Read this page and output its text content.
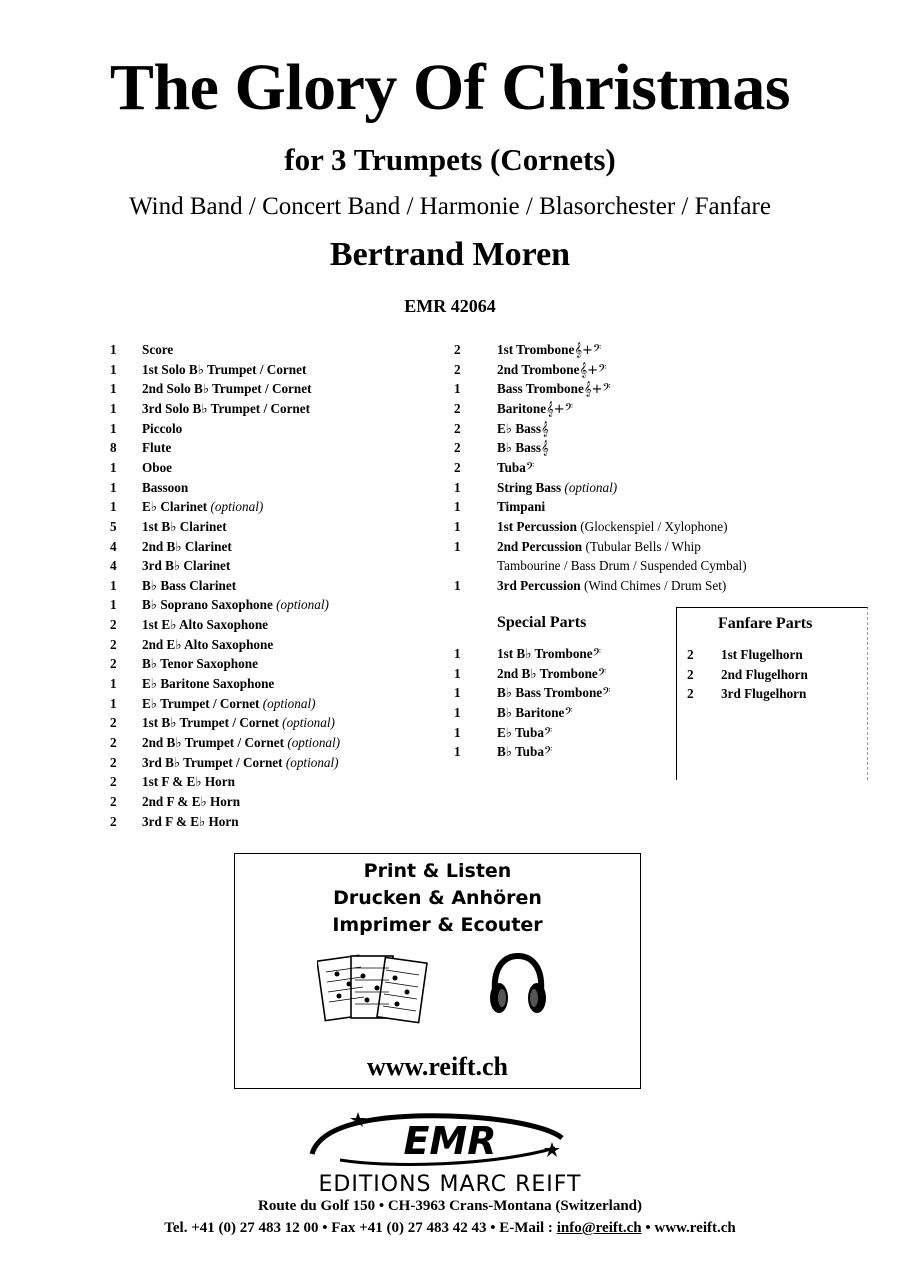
The Glory Of Christmas
for 3 Trumpets (Cornets)
Wind Band / Concert Band / Harmonie / Blasorchester / Fanfare
Bertrand Moren
EMR 42064
1	Score
1	1st Solo B♭ Trumpet / Cornet
1	2nd Solo B♭ Trumpet / Cornet
1	3rd Solo B♭ Trumpet / Cornet
1	Piccolo
8	Flute
1	Oboe
1	Bassoon
1	E♭ Clarinet (optional)
5	1st B♭ Clarinet
4	2nd B♭ Clarinet
4	3rd B♭ Clarinet
1	B♭ Bass Clarinet
1	B♭ Soprano Saxophone (optional)
2	1st E♭ Alto Saxophone
2	2nd E♭ Alto Saxophone
2	B♭ Tenor Saxophone
1	E♭ Baritone Saxophone
1	E♭ Trumpet / Cornet (optional)
2	1st B♭ Trumpet / Cornet (optional)
2	2nd B♭ Trumpet / Cornet (optional)
2	3rd B♭ Trumpet / Cornet (optional)
2	1st F & E♭ Horn
2	2nd F & E♭ Horn
2	3rd F & E♭ Horn
2	1st Trombone𝄞+𝄢
2	2nd Trombone𝄞+𝄢
1	Bass Trombone𝄞+𝄢
2	Baritone𝄞+𝄢
2	E♭ Bass𝄞
2	B♭ Bass𝄞
2	Tuba𝄢
1	String Bass (optional)
1	Timpani
1	1st Percussion (Glockenspiel / Xylophone)
1	2nd Percussion (Tubular Bells / Whip
Tambourine / Bass Drum / Suspended Cymbal)
1	3rd Percussion (Wind Chimes / Drum Set)
Special Parts
1	1st B♭ Trombone𝄢
1	2nd B♭ Trombone𝄢
1	B♭ Bass Trombone𝄢
1	B♭ Baritone𝄢
1	E♭ Tuba𝄢
1	B♭ Tuba𝄢
Fanfare Parts
2	1st Flugelhorn
2	2nd Flugelhorn
2	3rd Flugelhorn
Print & Listen
Drucken & Anhören
Imprimer & Ecouter
www.reift.ch
EMR
EDITIONS MARC REIFT
Route du Golf 150 • CH-3963 Crans-Montana (Switzerland)
Tel. +41 (0) 27 483 12 00 • Fax +41 (0) 27 483 42 43 • E-Mail : info@reift.ch • www.reift.ch
